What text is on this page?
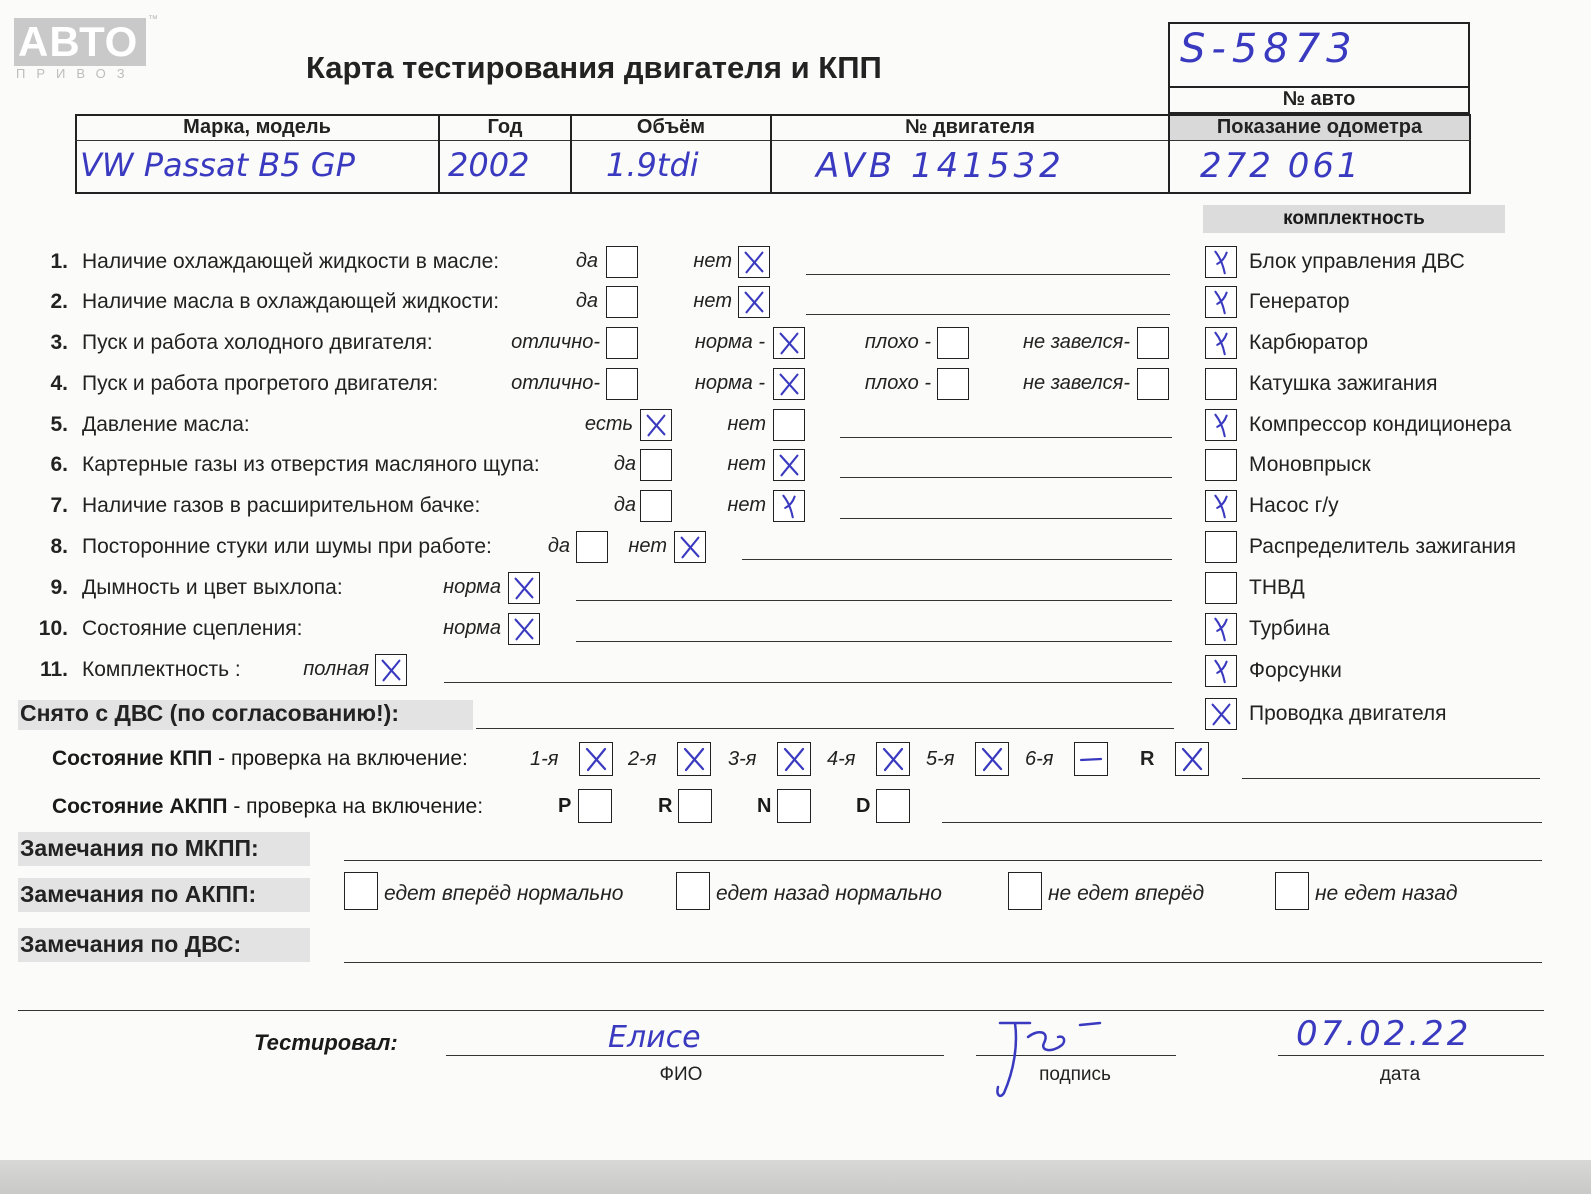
АВТО ™
ПРИВОЗ	Карта тестирования двигателя и КПП	S-5873
№ авто
Марка, модель	Год	Объём	№ двигателя	Показание одометра
VW Passat B5 GP	2002 1.9tdi	AVB 141532	272 061
комплектность
1. Наличие охлаждающей жидкости в масле:	да	нет
2. Наличие масла в охлаждающей жидкости:	да	нет
3. Пуск и работа холодного двигателя:	отлично-	норма -	плохо -	не завелся-
4. Пуск и работа прогретого двигателя:	отлично-	норма -	плохо -	не завелся-
5. Давление масла:	есть	нет
6. Картерные газы из отверстия масляного щупа:	да	нет
7. Наличие газов в расширительном бачке:	да	нет
8. Посторонние стуки или шумы при работе:	да	нет
9. Дымность и цвет выхлопа:	норма
10. Состояние сцепления:	норма
11. Комплектность :	полная
Блок управления ДВС
Генератор
Карбюратор
Катушка зажигания
Компрессор кондиционера
Моновпрыск
Насос г/у
Распределитель зажигания
ТНВД
Турбина
Форсунки
Проводка двигателя
Снято с ДВС (по согласованию!):
Состояние КПП - проверка на включение:	1-я	2-я	3-я	4-я	5-я	6-я	R
Состояние АКПП - проверка на включение:	P	R	N	D
Замечания по МКПП:
Замечания по АКПП:	едет вперёд нормально	едет назад нормально	не едет вперёд	не едет назад
Замечания по ДВС:
Тестировал:	Елисе
ФИО	подпись
07.02.22
дата
